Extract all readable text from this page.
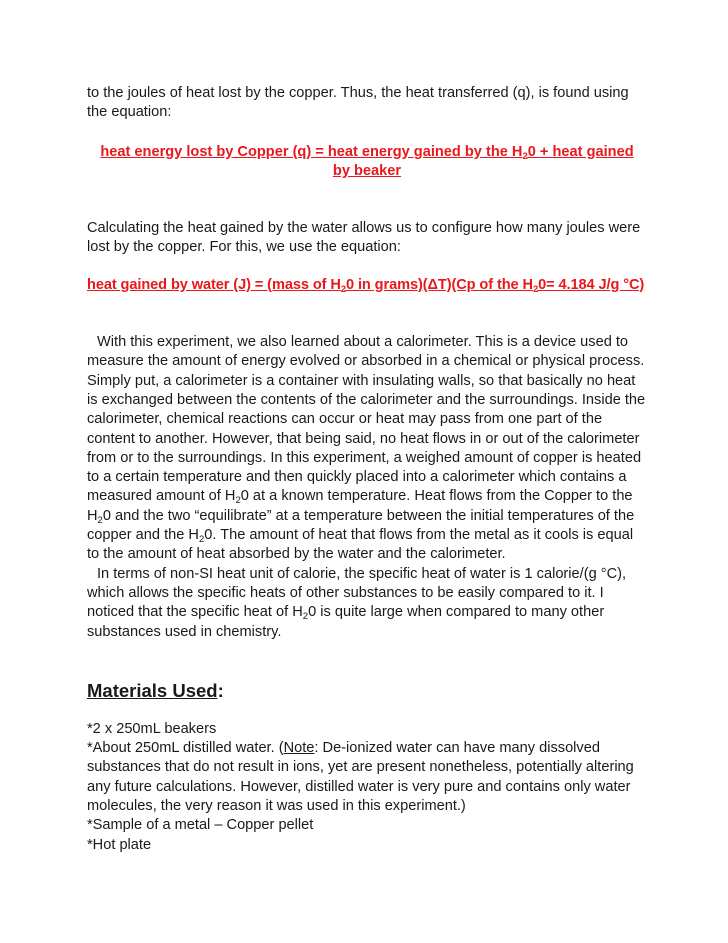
to the joules of heat lost by the copper. Thus, the heat transferred (q), is found using the equation:

heat energy lost by Copper (q) = heat energy gained by the $H_20$ + heat gained by beaker

Calculating the heat gained by the water allows us to configure how many joules were lost by the copper. For this, we use the equation:

heat gained by water (J) = (mass of $H_20$ in grams)(ΔT)(Cp of the $H_20= 4.184$ J/g °C)

With this experiment, we also learned about a calorimeter. This is a device used to measure the amount of energy evolved or absorbed in a chemical or physical process. Simply put, a calorimeter is a container with insulating walls, so that basically no heat is exchanged between the contents of the calorimeter and the surroundings. Inside the calorimeter, chemical reactions can occur or heat may pass from one part of the content to another. However, that being said, no heat flows in or out of the calorimeter from or to the surroundings. In this experiment, a weighed amount of copper is heated to a certain temperature and then quickly placed into a calorimeter which contains a measured amount of $H_20$ at a known temperature. Heat flows from the Copper to the $H_20$ and the two “equilibrate” at a temperature between the initial temperatures of the copper and the $H_20$. The amount of heat that flows from the metal as it cools is equal to the amount of heat absorbed by the water and the calorimeter.

In terms of non-SI heat unit of calorie, the specific heat of water is 1 calorie/(g °C), which allows the specific heats of other substances to be easily compared to it. I noticed that the specific heat of $H_20$ is quite large when compared to many other substances used in chemistry.

Materials Used:

*2 x 250mL beakers

*About 250mL distilled water. (Note: De-ionized water can have many dissolved substances that do not result in ions, yet are present nonetheless, potentially altering any future calculations. However, distilled water is very pure and contains only water molecules, the very reason it was used in this experiment.)

*Sample of a metal – Copper pellet

*Hot plate
